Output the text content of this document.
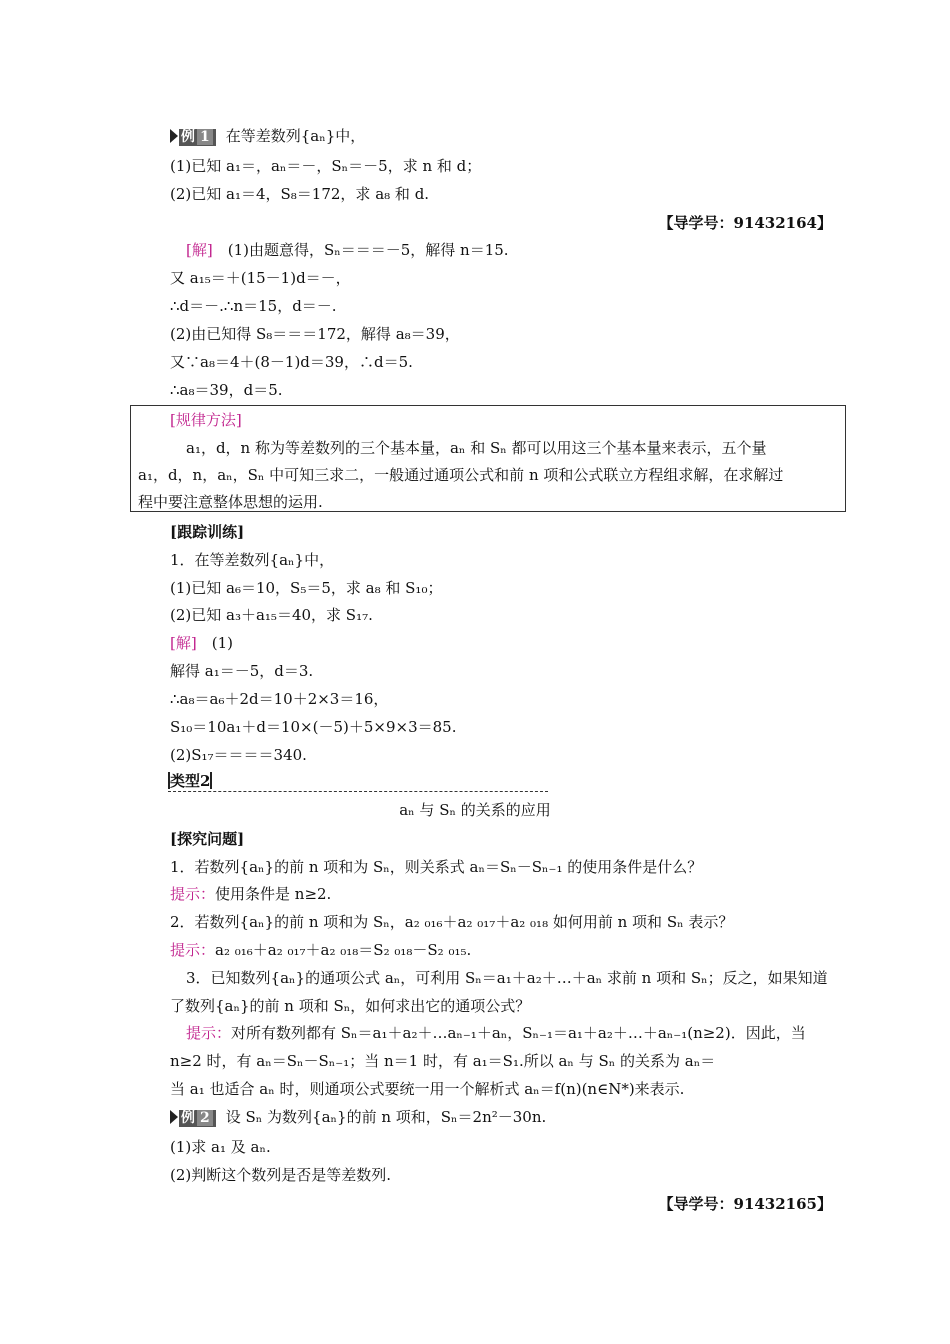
例 1 在等差数列{aₙ}中，
(1)已知 a₁＝，aₙ＝－，Sₙ＝－5，求 n 和 d；
(2)已知 a₁＝4，S₈＝172，求 a₈ 和 d.
【导学号：91432164】
[解]　 (1)由题意得，Sₙ＝＝＝－5，解得 n＝15.
又 a₁₅＝＋(15－1)d＝－，
∴d＝－.∴n＝15，d＝－.
(2)由已知得 S₈＝＝＝172，解得 a₈＝39，
又∵a₈＝4＋(8－1)d＝39，∴d＝5.
∴a₈＝39，d＝5.
[规律方法]
a₁，d，n 称为等差数列的三个基本量，aₙ 和 Sₙ 都可以用这三个基本量来表示，五个量
a₁，d，n，aₙ，Sₙ 中可知三求二，一般通过通项公式和前 n 项和公式联立方程组求解，在求解过
程中要注意整体思想的运用.
[跟踪训练]
1．在等差数列{aₙ}中，
(1)已知 a₆＝10，S₅＝5，求 a₈ 和 S₁₀；
(2)已知 a₃＋a₁₅＝40，求 S₁₇.
[解]　 (1)
解得 a₁＝－5，d＝3.
∴a₈＝a₆＋2d＝10＋2×3＝16，
S₁₀＝10a₁＋d＝10×(－5)＋5×9×3＝85.
(2)S₁₇＝＝＝＝340.
类型2
aₙ 与 Sₙ 的关系的应用
[探究问题]
1．若数列{aₙ}的前 n 项和为 Sₙ，则关系式 aₙ＝Sₙ－Sₙ₋₁ 的使用条件是什么？
提示：使用条件是 n≥2.
2．若数列{aₙ}的前 n 项和为 Sₙ，a₂ ₀₁₆＋a₂ ₀₁₇＋a₂ ₀₁₈ 如何用前 n 项和 Sₙ 表示？
提示：a₂ ₀₁₆＋a₂ ₀₁₇＋a₂ ₀₁₈＝S₂ ₀₁₈－S₂ ₀₁₅.
3．已知数列{aₙ}的通项公式 aₙ，可利用 Sₙ＝a₁＋a₂＋…＋aₙ 求前 n 项和 Sₙ；反之，如果知道
了数列{aₙ}的前 n 项和 Sₙ，如何求出它的通项公式？
提示：对所有数列都有 Sₙ＝a₁＋a₂＋…aₙ₋₁＋aₙ，Sₙ₋₁＝a₁＋a₂＋…＋aₙ₋₁(n≥2)．因此，当
n≥2 时，有 aₙ＝Sₙ－Sₙ₋₁；当 n＝1 时，有 a₁＝S₁.所以 aₙ 与 Sₙ 的关系为 aₙ＝
当 a₁ 也适合 aₙ 时，则通项公式要统一用一个解析式 aₙ＝f(n)(n∈N*)来表示.
例 2 设 Sₙ 为数列{aₙ}的前 n 项和，Sₙ＝2n²－30n.
(1)求 a₁ 及 aₙ.
(2)判断这个数列是否是等差数列.
【导学号：91432165】
